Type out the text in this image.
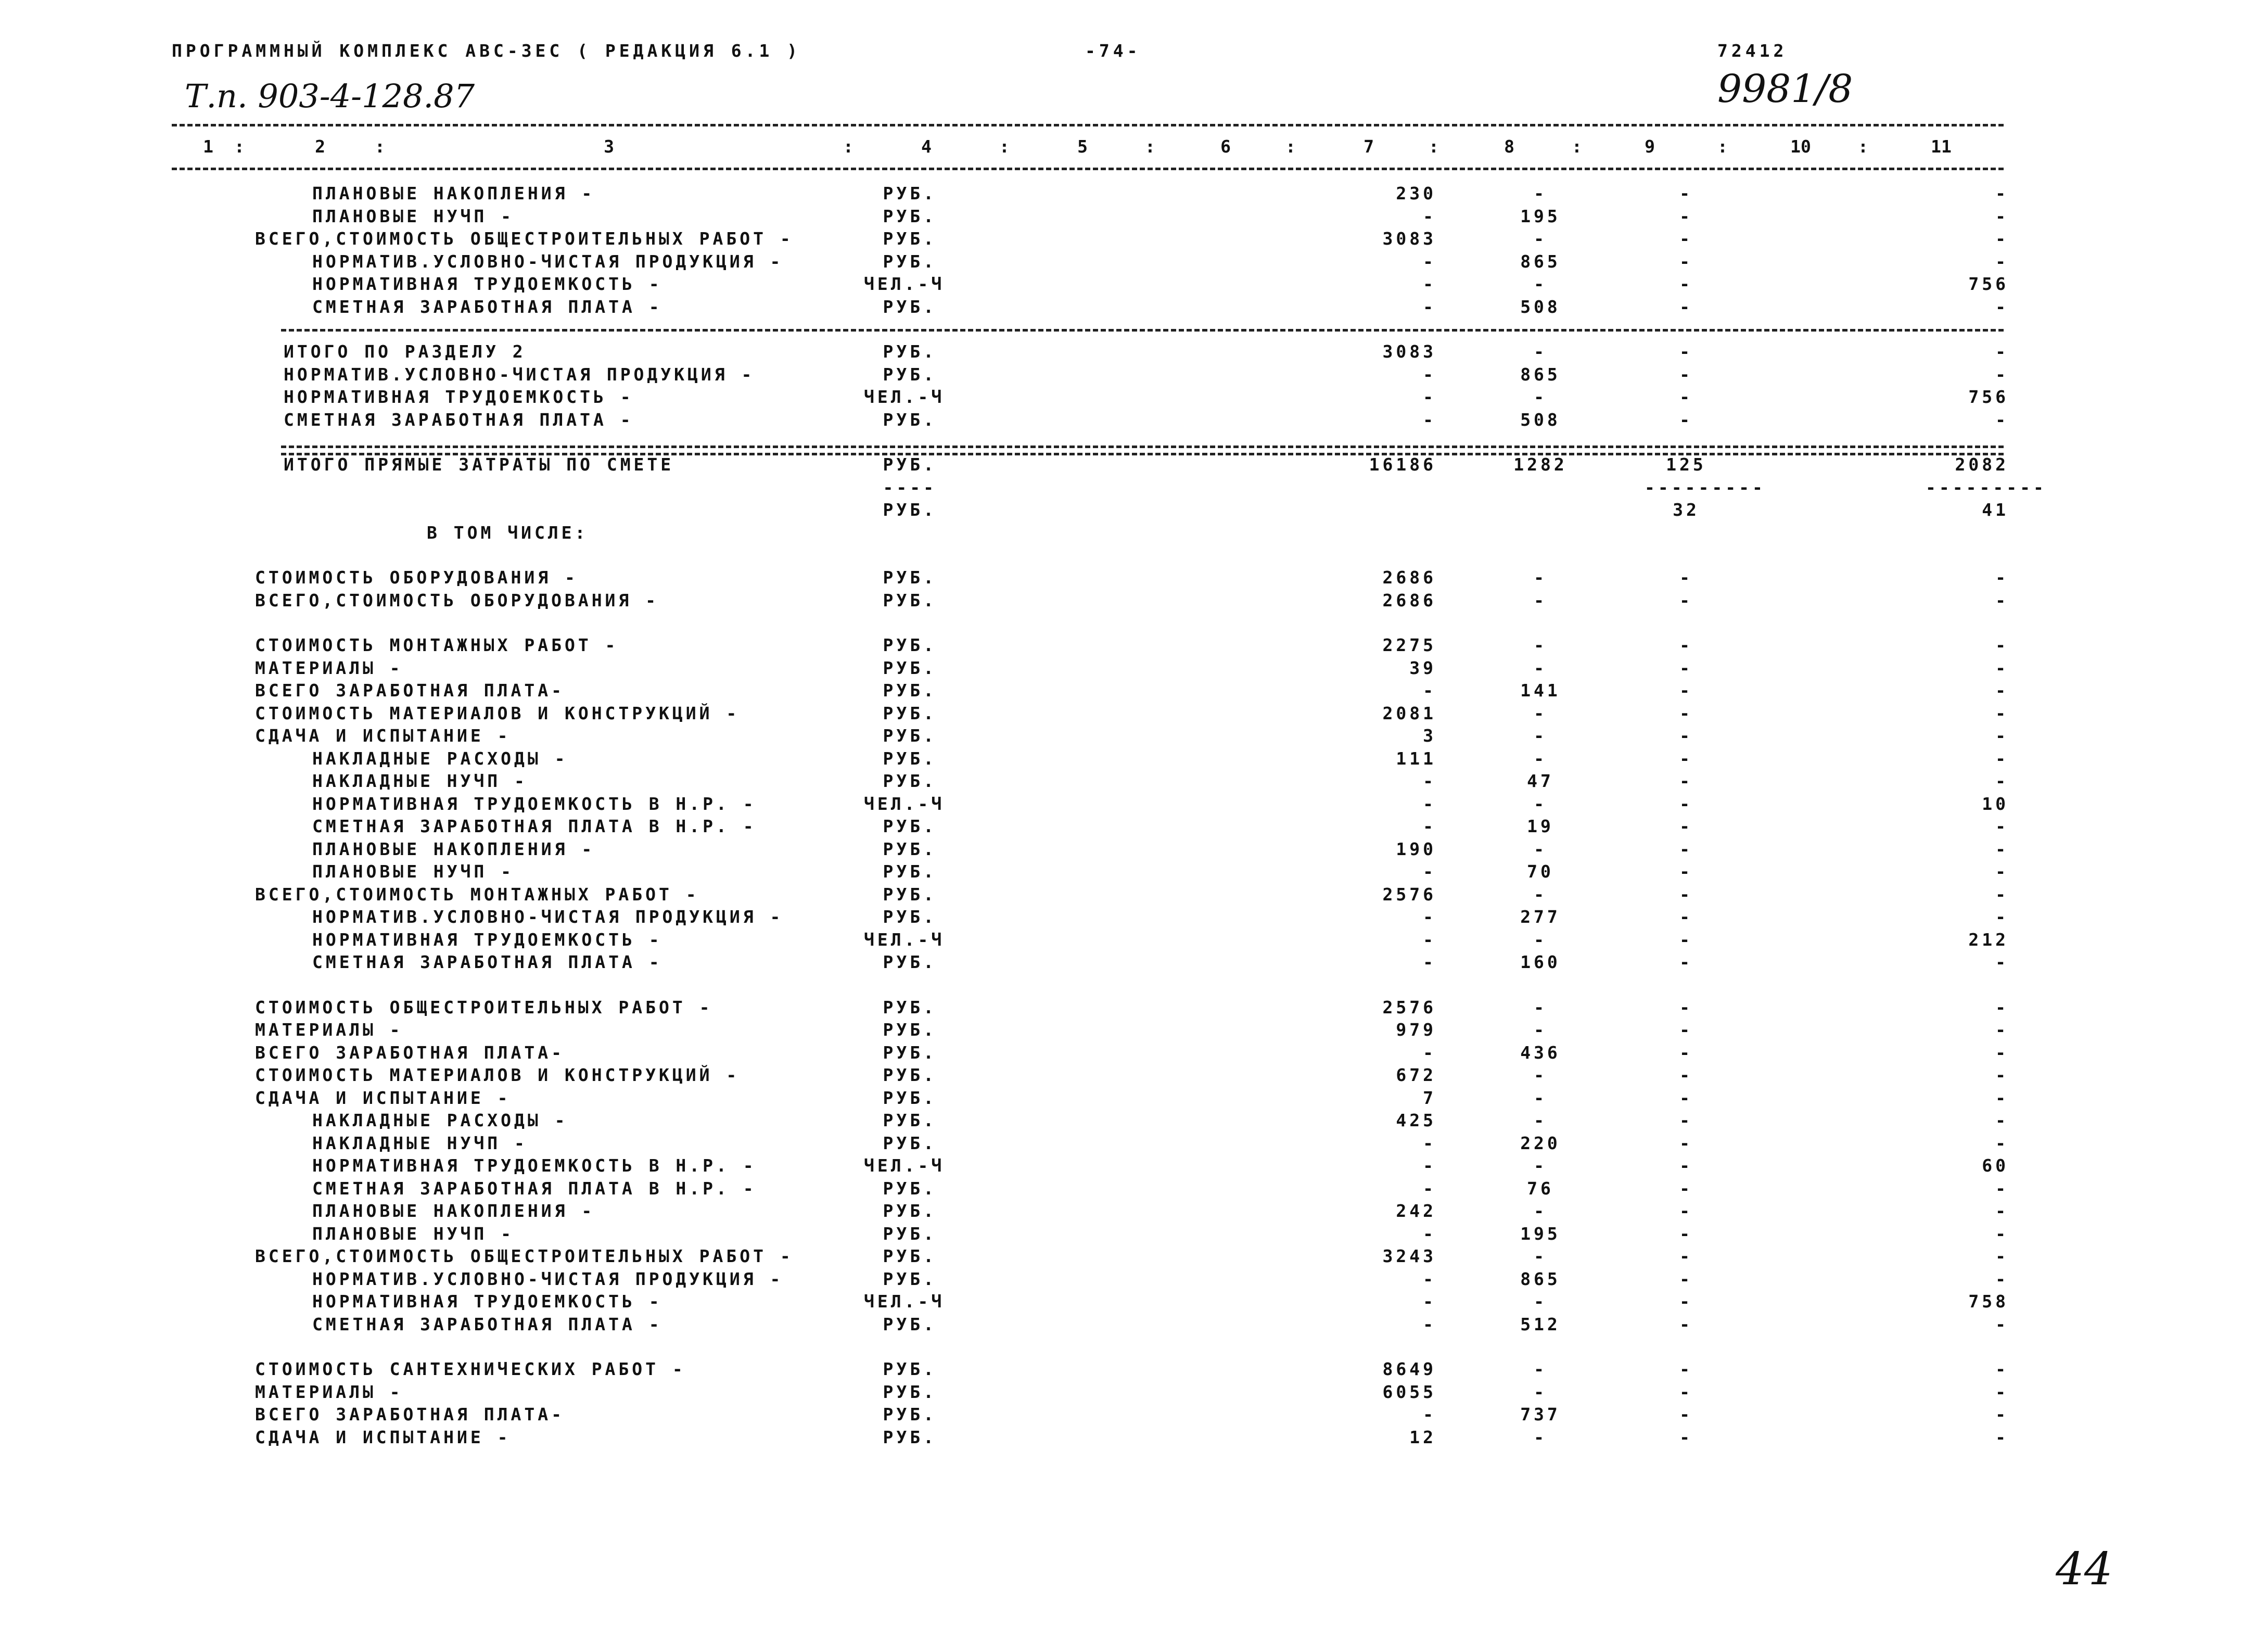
ПРОГРАММНЫЙ КОМПЛЕКС АВС-ЗЕС ( РЕДАКЦИЯ 6.1 )	-74-	72412
Т.п. 903-4-128.87	9981/8
1	2	3	4	5	6	7	8	9	10	11
:	:	:	:	:	:	:	:	:	:
ПЛАНОВЫЕ НАКОПЛЕНИЯ -	РУБ.	230	-	-	-
ПЛАНОВЫЕ НУЧП -	РУБ.	-	195	-	-
ВСЕГО,СТОИМОСТЬ ОБЩЕСТРОИТЕЛЬНЫХ РАБОТ -	РУБ.	3083	-	-	-
НОРМАТИВ.УСЛОВНО-ЧИСТАЯ ПРОДУКЦИЯ -	РУБ.	-	865	-	-
НОРМАТИВНАЯ ТРУДОЕМКОСТЬ -	ЧЕЛ.-Ч	-	-	-	756
СМЕТНАЯ ЗАРАБОТНАЯ ПЛАТА -	РУБ.	-	508	-	-
ИТОГО ПО РАЗДЕЛУ 2	РУБ.	3083	-	-	-
НОРМАТИВ.УСЛОВНО-ЧИСТАЯ ПРОДУКЦИЯ -	РУБ.	-	865	-	-
НОРМАТИВНАЯ ТРУДОЕМКОСТЬ -	ЧЕЛ.-Ч	-	-	-	756
СМЕТНАЯ ЗАРАБОТНАЯ ПЛАТА -	РУБ.	-	508	-	-
ИТОГО ПРЯМЫЕ ЗАТРАТЫ ПО СМЕТЕ	РУБ.	16186	1282	125	2082
----	---------	---------
РУБ.	32	41
В ТОМ ЧИСЛЕ:
СТОИМОСТЬ ОБОРУДОВАНИЯ -	РУБ.	2686	-	-	-
ВСЕГО,СТОИМОСТЬ ОБОРУДОВАНИЯ -	РУБ.	2686	-	-	-
СТОИМОСТЬ МОНТАЖНЫХ РАБОТ -	РУБ.	2275	-	-	-
МАТЕРИАЛЫ -	РУБ.	39	-	-	-
ВСЕГО ЗАРАБОТНАЯ ПЛАТА-	РУБ.	-	141	-	-
СТОИМОСТЬ МАТЕРИАЛОВ И КОНСТРУКЦИЙ -	РУБ.	2081	-	-	-
СДАЧА И ИСПЫТАНИЕ -	РУБ.	3	-	-	-
НАКЛАДНЫЕ РАСХОДЫ -	РУБ.	111	-	-	-
НАКЛАДНЫЕ НУЧП -	РУБ.	-	47	-	-
НОРМАТИВНАЯ ТРУДОЕМКОСТЬ В Н.Р. -	ЧЕЛ.-Ч	-	-	-	10
СМЕТНАЯ ЗАРАБОТНАЯ ПЛАТА В Н.Р. -	РУБ.	-	19	-	-
ПЛАНОВЫЕ НАКОПЛЕНИЯ -	РУБ.	190	-	-	-
ПЛАНОВЫЕ НУЧП -	РУБ.	-	70	-	-
ВСЕГО,СТОИМОСТЬ МОНТАЖНЫХ РАБОТ -	РУБ.	2576	-	-	-
НОРМАТИВ.УСЛОВНО-ЧИСТАЯ ПРОДУКЦИЯ -	РУБ.	-	277	-	-
НОРМАТИВНАЯ ТРУДОЕМКОСТЬ -	ЧЕЛ.-Ч	-	-	-	212
СМЕТНАЯ ЗАРАБОТНАЯ ПЛАТА -	РУБ.	-	160	-	-
СТОИМОСТЬ ОБЩЕСТРОИТЕЛЬНЫХ РАБОТ -	РУБ.	2576	-	-	-
МАТЕРИАЛЫ -	РУБ.	979	-	-	-
ВСЕГО ЗАРАБОТНАЯ ПЛАТА-	РУБ.	-	436	-	-
СТОИМОСТЬ МАТЕРИАЛОВ И КОНСТРУКЦИЙ -	РУБ.	672	-	-	-
СДАЧА И ИСПЫТАНИЕ -	РУБ.	7	-	-	-
НАКЛАДНЫЕ РАСХОДЫ -	РУБ.	425	-	-	-
НАКЛАДНЫЕ НУЧП -	РУБ.	-	220	-	-
НОРМАТИВНАЯ ТРУДОЕМКОСТЬ В Н.Р. -	ЧЕЛ.-Ч	-	-	-	60
СМЕТНАЯ ЗАРАБОТНАЯ ПЛАТА В Н.Р. -	РУБ.	-	76	-	-
ПЛАНОВЫЕ НАКОПЛЕНИЯ -	РУБ.	242	-	-	-
ПЛАНОВЫЕ НУЧП -	РУБ.	-	195	-	-
ВСЕГО,СТОИМОСТЬ ОБЩЕСТРОИТЕЛЬНЫХ РАБОТ -	РУБ.	3243	-	-	-
НОРМАТИВ.УСЛОВНО-ЧИСТАЯ ПРОДУКЦИЯ -	РУБ.	-	865	-	-
НОРМАТИВНАЯ ТРУДОЕМКОСТЬ -	ЧЕЛ.-Ч	-	-	-	758
СМЕТНАЯ ЗАРАБОТНАЯ ПЛАТА -	РУБ.	-	512	-	-
СТОИМОСТЬ САНТЕХНИЧЕСКИХ РАБОТ -	РУБ.	8649	-	-	-
МАТЕРИАЛЫ -	РУБ.	6055	-	-	-
ВСЕГО ЗАРАБОТНАЯ ПЛАТА-	РУБ.	-	737	-	-
СДАЧА И ИСПЫТАНИЕ -	РУБ.	12	-	-	-
44
